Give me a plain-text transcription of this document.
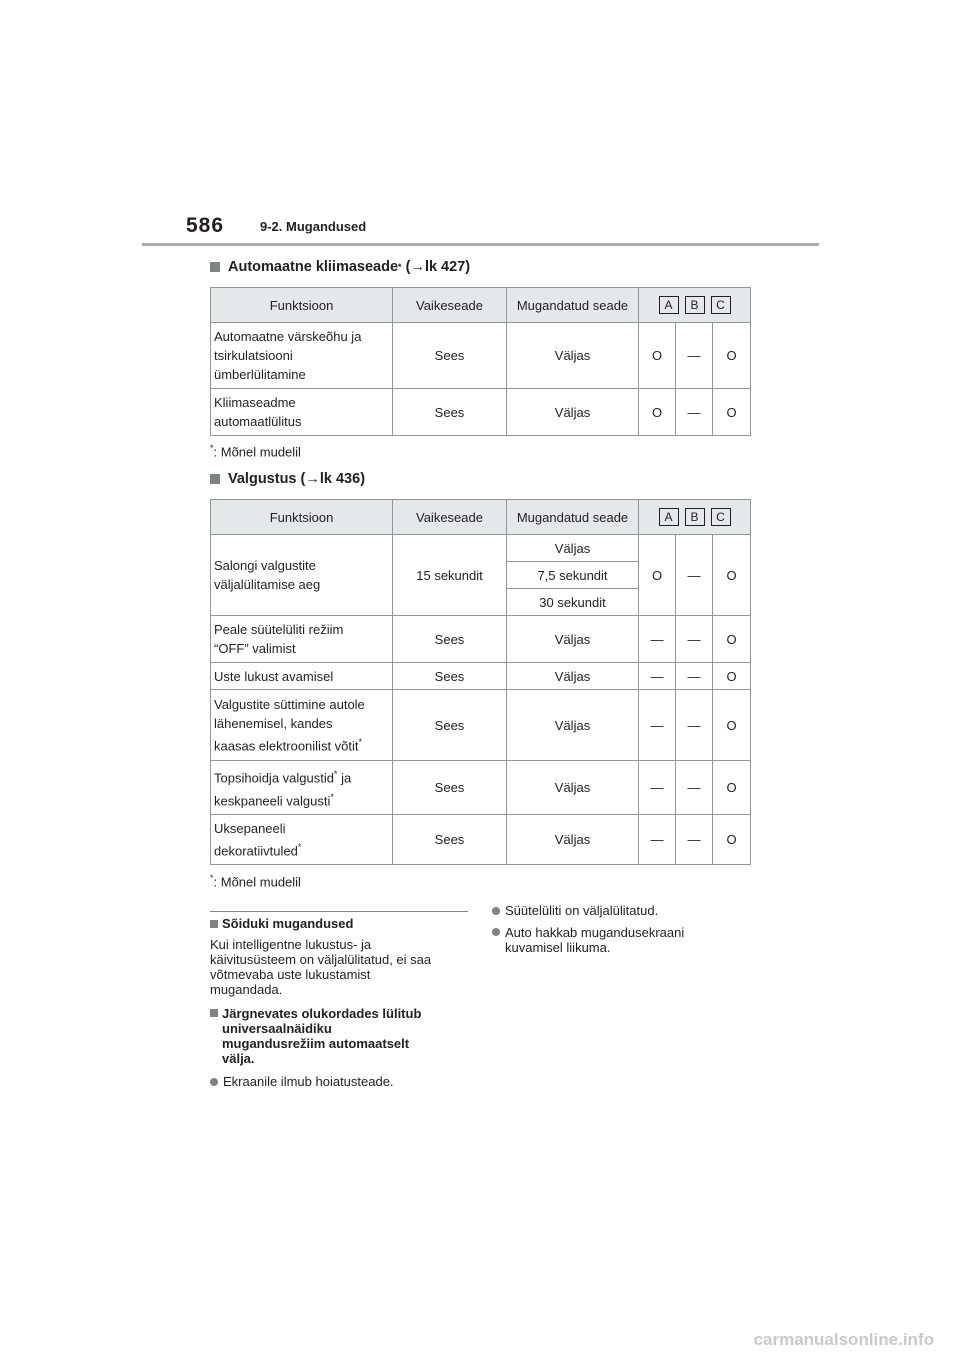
586	9-2. Mugandused
Automaatne kliimaseade *
( → lk 427)
Funktsioon	Vaikeseade	Mugandatud seade	A B C		

Automaatne värskeõhu ja
tsirkulatsiooni
ümberlülitamine	Sees	Väljas	O	—	O

Kliimaseadme
automaatlülitus	Sees	Väljas	O	—	O
*: Mõnel mudelil
Valgustus
( → lk 436)
Funktsioon	Vaikeseade	Mugandatud seade	A B C		

Salongi valgustite
väljalülitamise aeg	15 sekundit	Väljas	O	—	O
		7,5 sekundit			
		30 sekundit			

Peale süütelüliti režiim
“OFF” valimist	Sees	Väljas	—	—	O

Uste lukust avamisel	Sees	Väljas	—	—	O

Valgustite süttimine autole
lähenemisel, kandes
kaasas elektroonilist võtit*	Sees	Väljas	—	—	O

Topsihoidja valgustid* ja
keskpaneeli valgusti*	Sees	Väljas	—	—	O

Uksepaneeli
dekoratiivtuled*	Sees	Väljas	—	—	O
*: Mõnel mudelil
Sõiduki mugandused
Kui intelligentne lukustus- ja
käivitusüsteem on väljalülitatud, ei saa
võtmevaba uste lukustamist
mugandada.
Järgnevates olukordades lülitub
universaalnäidiku
mugandusrežiim automaatselt
välja.
Ekraanile ilmub hoiatusteade.
Süütelüliti on väljalülitatud.
Auto hakkab mugandusekraani
kuvamisel liikuma.
carmanualsonline.info
